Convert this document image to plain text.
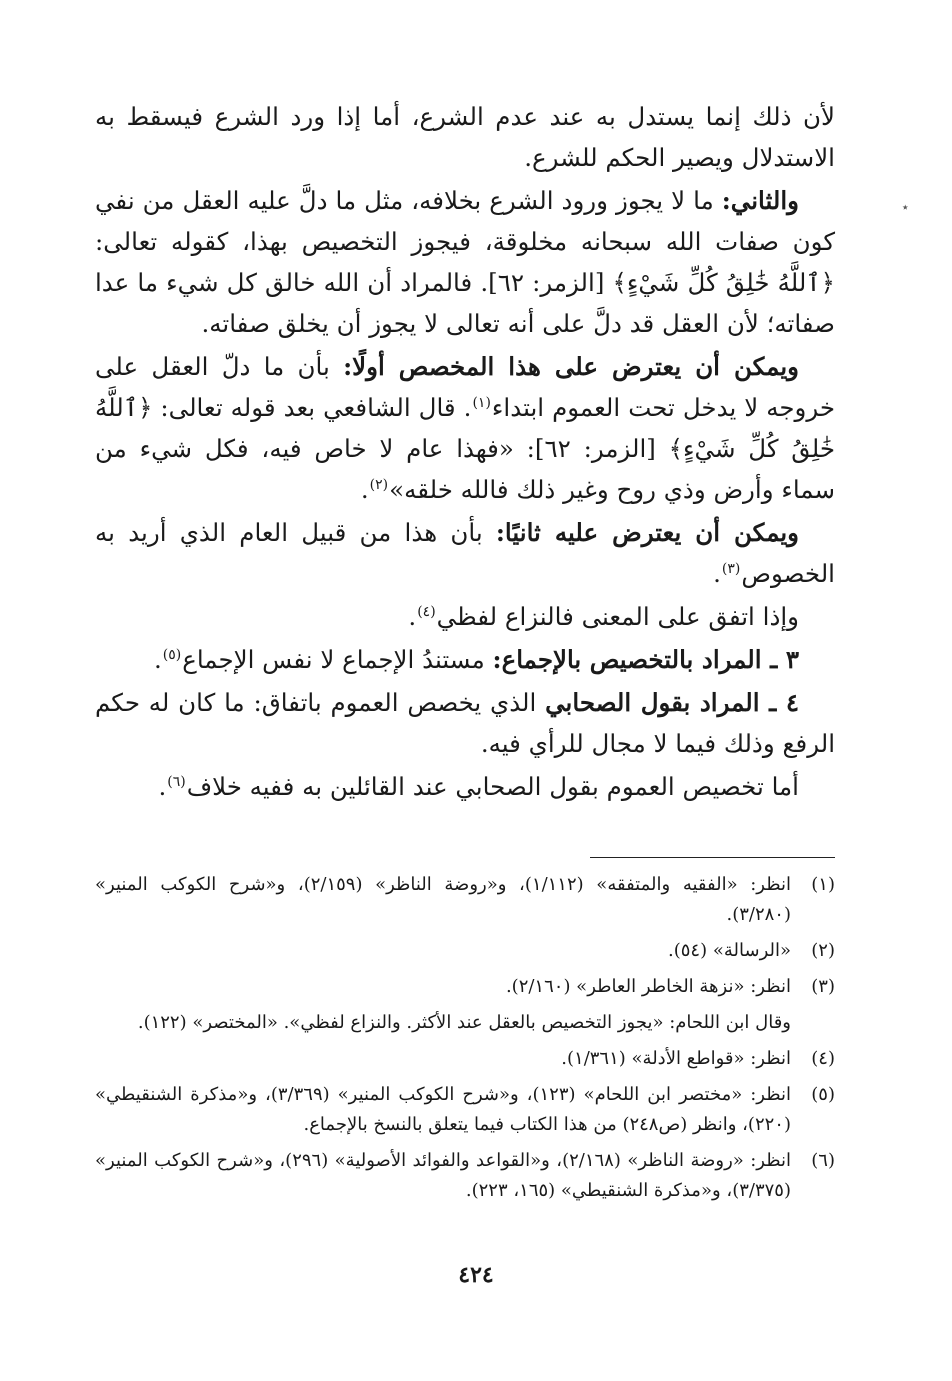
لأن ذلك إنما يستدل به عند عدم الشرع، أما إذا ورد الشرع فيسقط به الاستدلال ويصير الحكم للشرع.

والثاني: ما لا يجوز ورود الشرع بخلافه، مثل ما دلَّ عليه العقل من نفي كون صفات الله سبحانه مخلوقة، فيجوز التخصيص بهذا، كقوله تعالى: ﴿ٱللَّهُ خَٰلِقُ كُلِّ شَيْءٍ﴾ [الزمر: ٦٢]. فالمراد أن الله خالق كل شيء ما عدا صفاته؛ لأن العقل قد دلَّ على أنه تعالى لا يجوز أن يخلق صفاته.

ويمكن أن يعترض على هذا المخصص أولًا: بأن ما دلّ العقل على خروجه لا يدخل تحت العموم ابتداء$^{(١)}$. قال الشافعي بعد قوله تعالى: ﴿ٱللَّهُ خَٰلِقُ كُلِّ شَيْءٍ﴾ [الزمر: ٦٢]: «فهذا عام لا خاص فيه، فكل شيء من سماء وأرض وذي روح وغير ذلك فالله خلقه»$^{(٢)}$.

ويمكن أن يعترض عليه ثانيًا: بأن هذا من قبيل العام الذي أريد به الخصوص$^{(٣)}$.

وإذا اتفق على المعنى فالنزاع لفظي$^{(٤)}$.

٣ ـ المراد بالتخصيص بالإجماع: مستندُ الإجماع لا نفس الإجماع$^{(٥)}$.

٤ ـ المراد بقول الصحابي الذي يخصص العموم باتفاق: ما كان له حكم الرفع وذلك فيما لا مجال للرأي فيه.

أما تخصيص العموم بقول الصحابي عند القائلين به ففيه خلاف$^{(٦)}$.

(١)
انظر: «الفقيه والمتفقه» (١/١١٢)، و«روضة الناظر» (٢/١٥٩)، و«شرح الكوكب المنير» (٣/٢٨٠).
(٢)
«الرسالة» (٥٤).
(٣)
انظر: «نزهة الخاطر العاطر» (٢/١٦٠).
وقال ابن اللحام: «يجوز التخصيص بالعقل عند الأكثر. والنزاع لفظي». «المختصر» (١٢٢).
(٤)
انظر: «قواطع الأدلة» (١/٣٦١).
(٥)
انظر: «مختصر ابن اللحام» (١٢٣)، و«شرح الكوكب المنير» (٣/٣٦٩)، و«مذكرة الشنقيطي» (٢٢٠)، وانظر (ص٢٤٨) من هذا الكتاب فيما يتعلق بالنسخ بالإجماع.
(٦)
انظر: «روضة الناظر» (٢/١٦٨)، و«القواعد والفوائد الأصولية» (٢٩٦)، و«شرح الكوكب المنير» (٣/٣٧٥)، و«مذكرة الشنقيطي» (١٦٥، ٢٢٣).
٤٢٤
٭
